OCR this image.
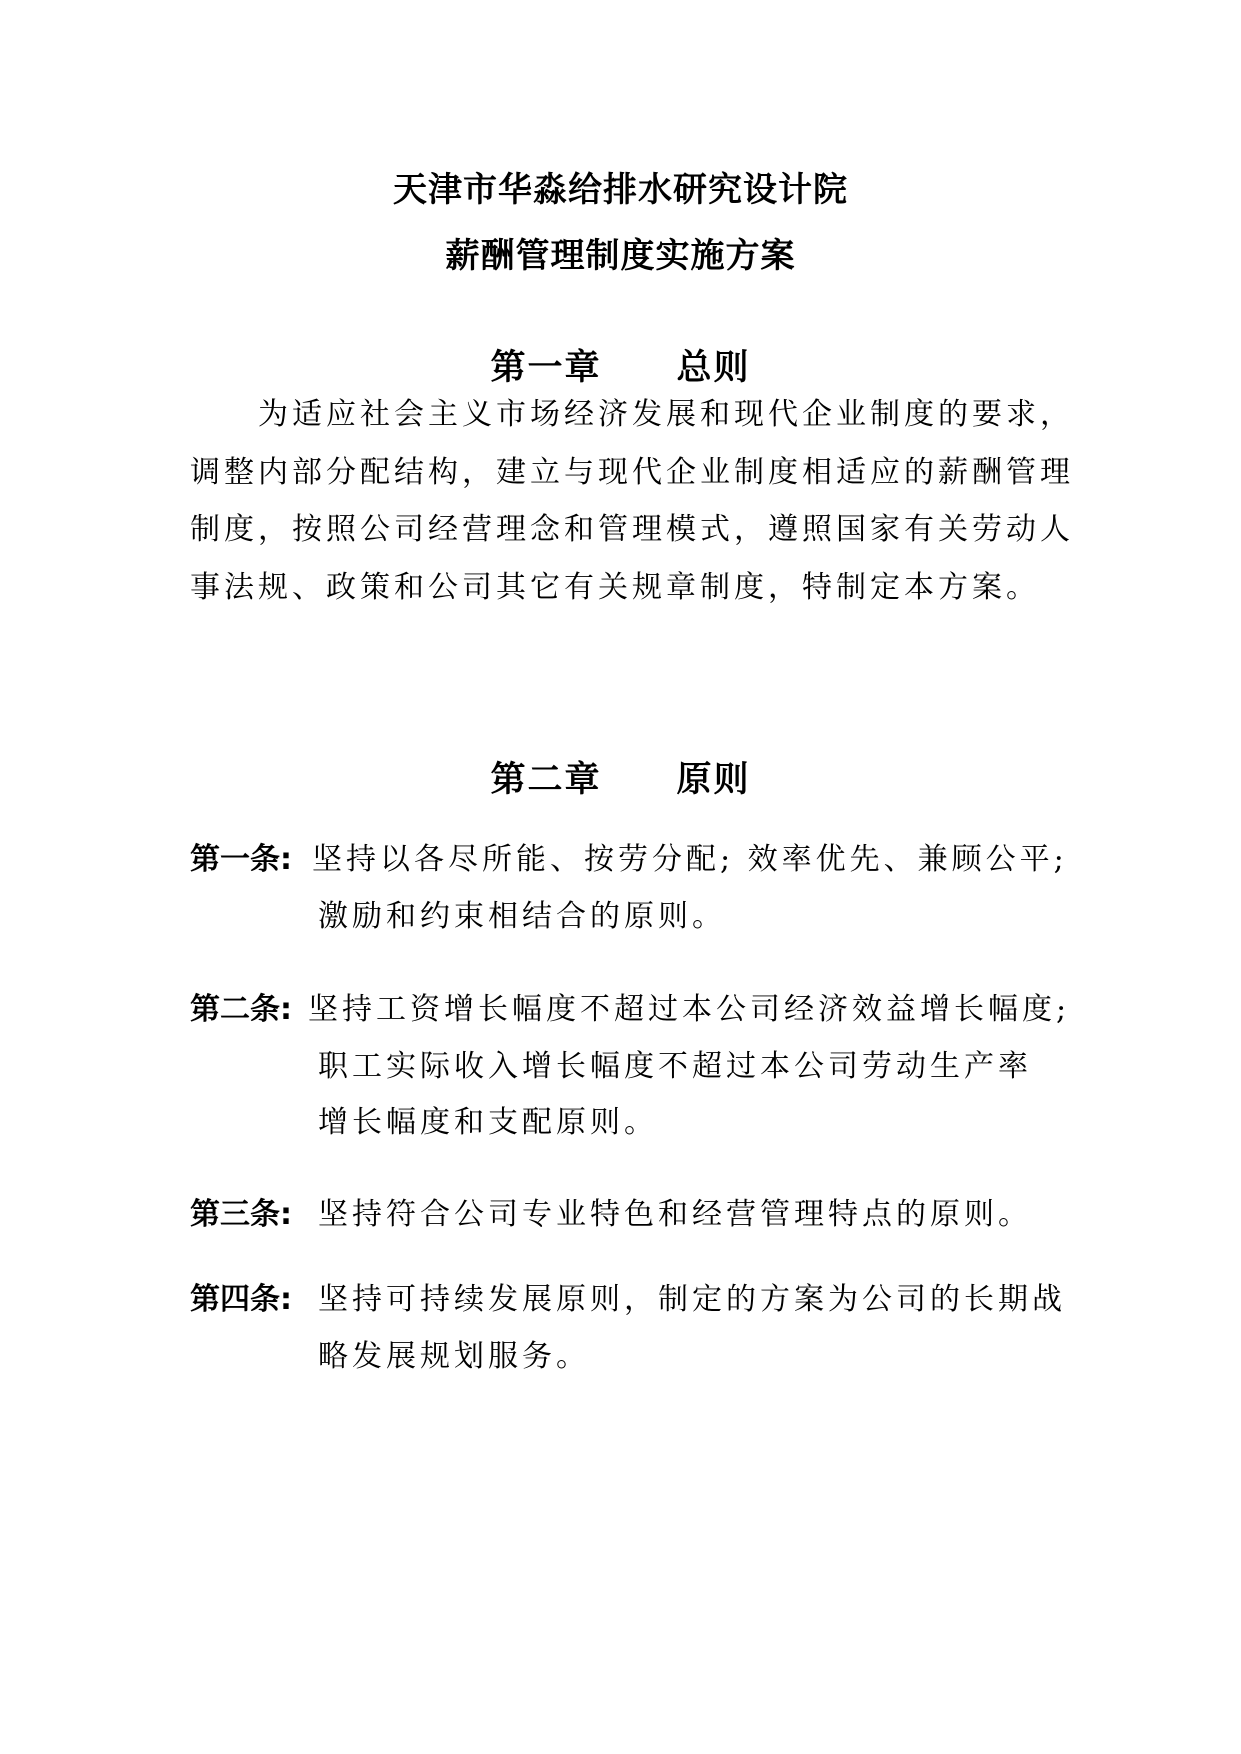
天津市华淼给排水研究设计院
薪酬管理制度实施方案
第一章 总则
为适应社会主义市场经济发展和现代企业制度的要求，
调整内部分配结构，建立与现代企业制度相适应的薪酬管理
制度，按照公司经营理念和管理模式，遵照国家有关劳动人
事法规、政策和公司其它有关规章制度，特制定本方案。
第二章 原则
第一条: 坚持以各尽所能、按劳分配; 效率优先、兼顾公平;
激励和约束相结合的原则。
第二条: 坚持工资增长幅度不超过本公司经济效益增长幅度;
职工实际收入增长幅度不超过本公司劳动生产率
增长幅度和支配原则。
第三条: 坚持符合公司专业特色和经营管理特点的原则。
第四条: 坚持可持续发展原则，制定的方案为公司的长期战
略发展规划服务。
